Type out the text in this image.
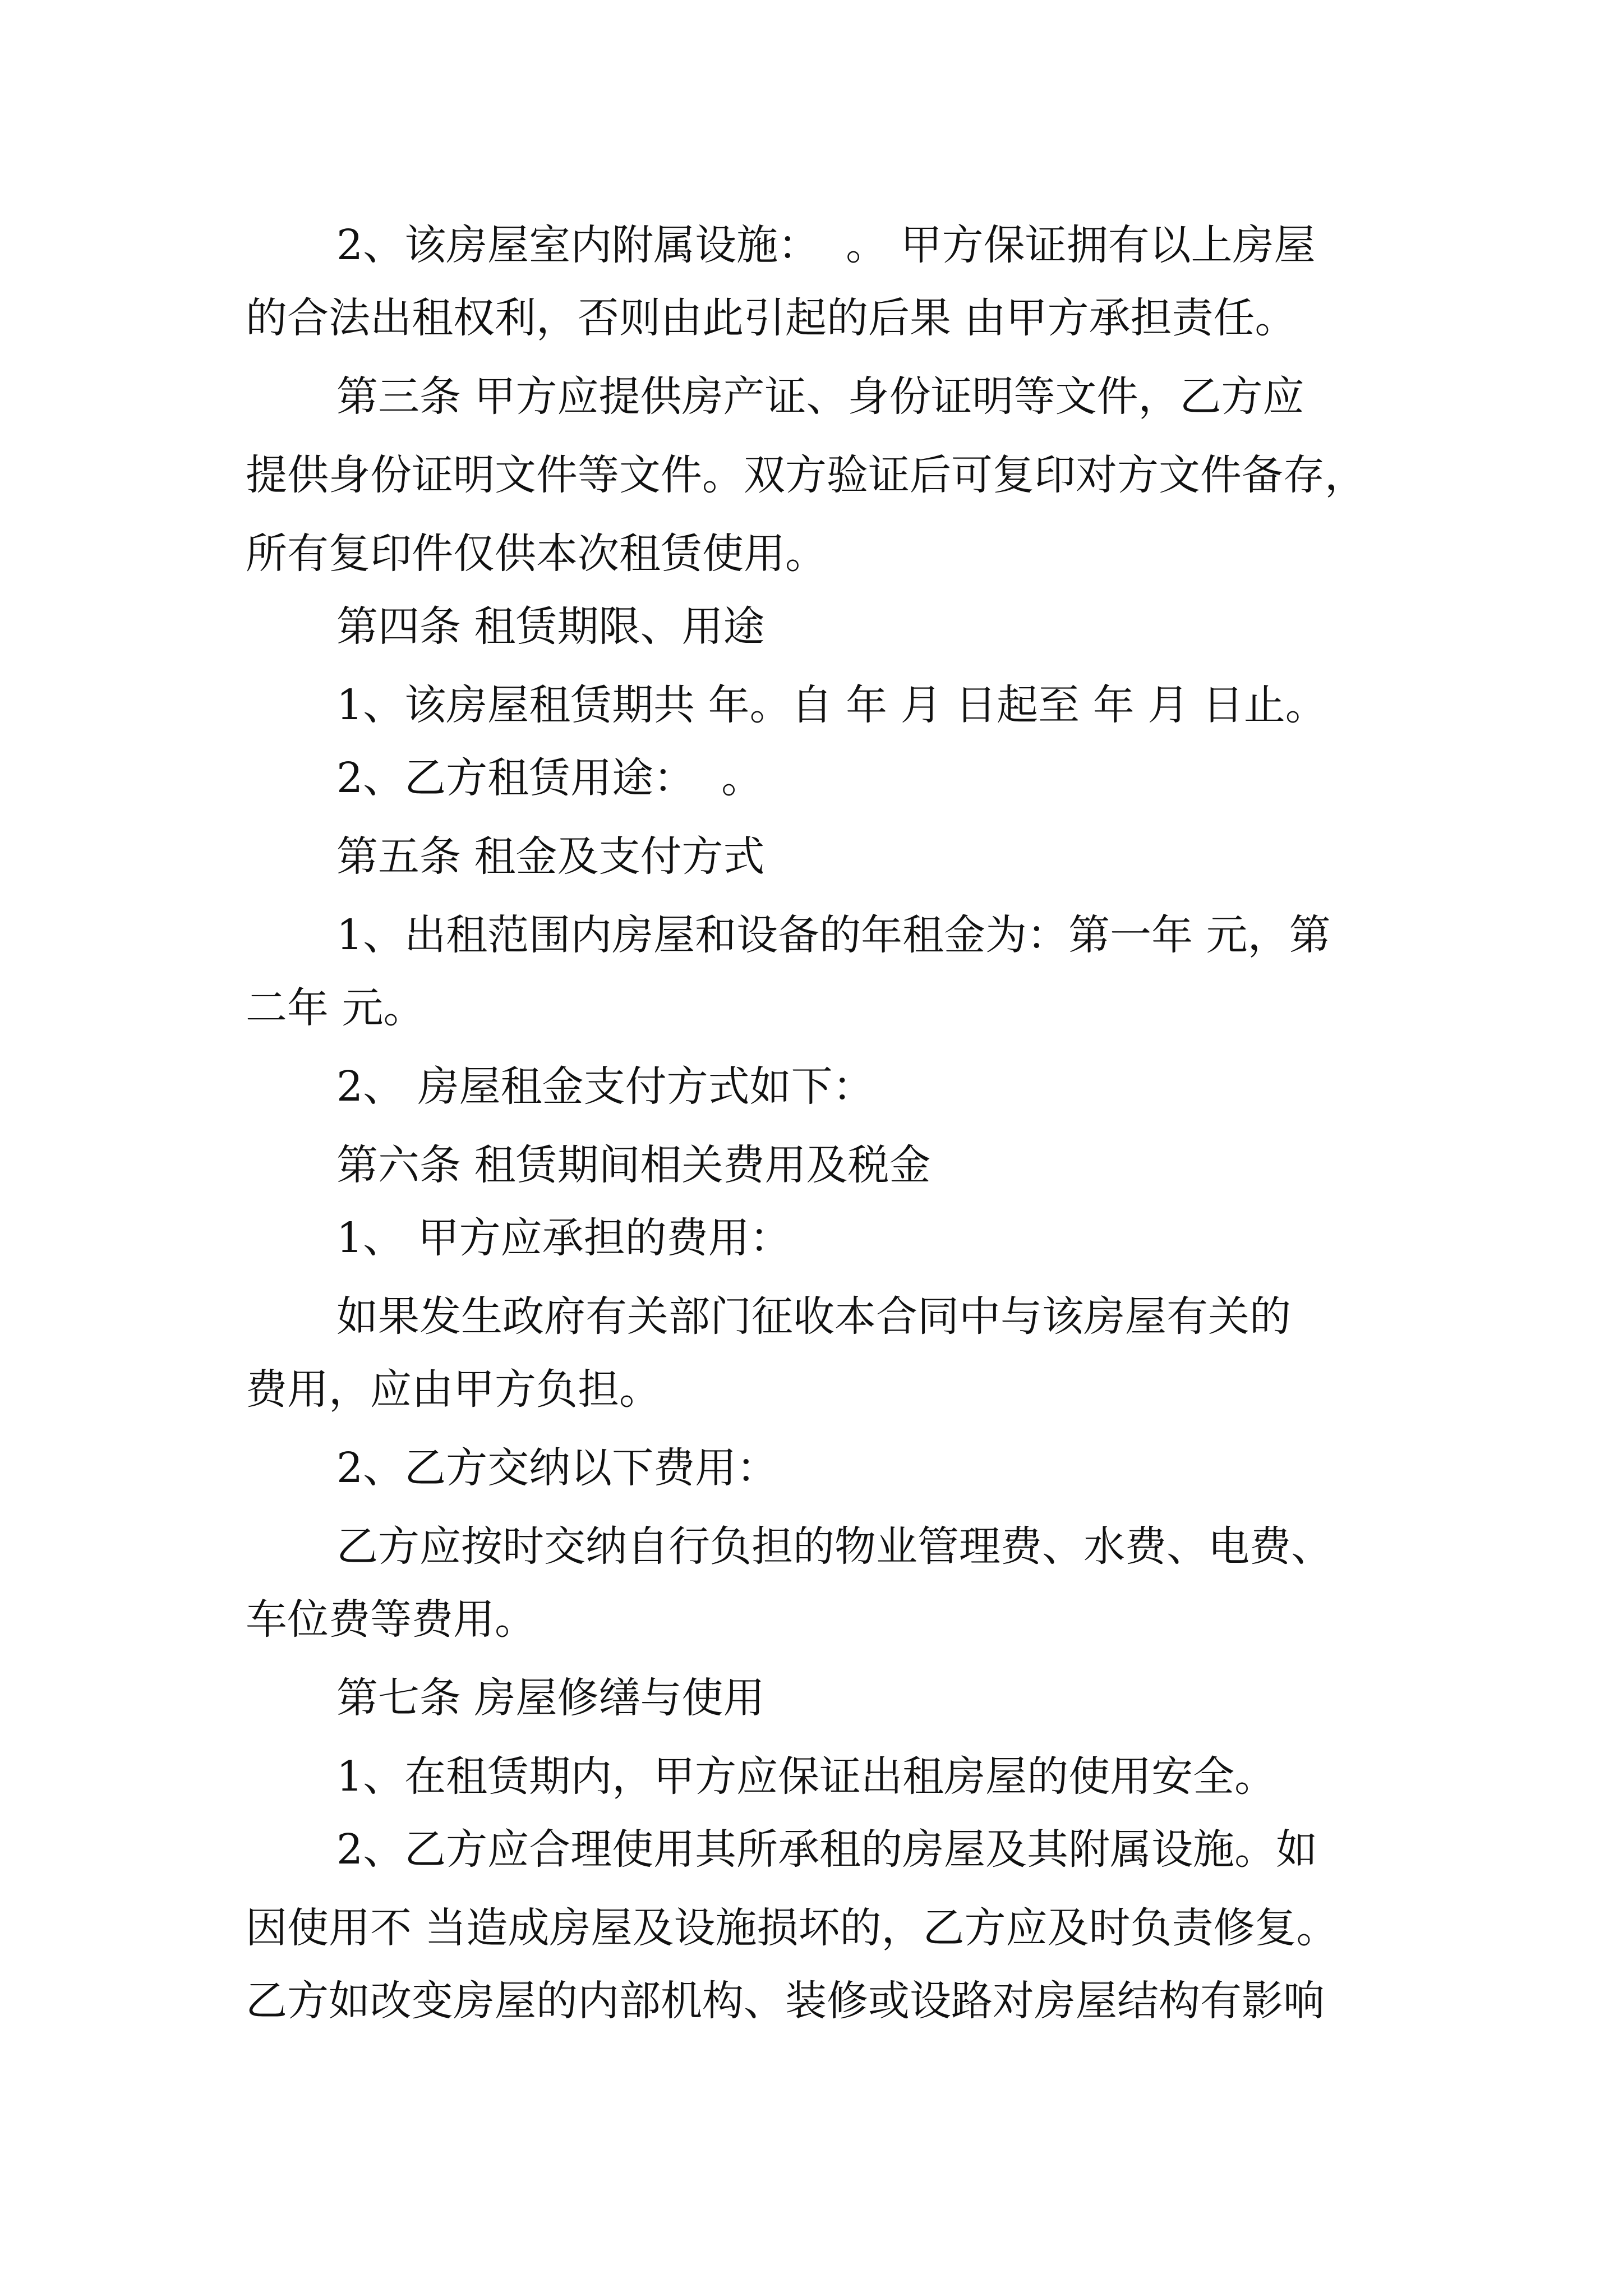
2、该房屋室内附属设施：  。 甲方保证拥有以上房屋
的合法出租权利，否则由此引起的后果 由甲方承担责任。
第三条 甲方应提供房产证、身份证明等文件，乙方应
提供身份证明文件等文件。双方验证后可复印对方文件备存，
所有复印件仅供本次租赁使用。
第四条 租赁期限、用途
1、该房屋租赁期共 年。自 年 月 日起至 年 月 日止。
2、乙方租赁用途：  。
第五条 租金及支付方式
1、出租范围内房屋和设备的年租金为：第一年 元，第
二年 元。
2、 房屋租金支付方式如下：
第六条 租赁期间相关费用及税金
1、 甲方应承担的费用：
如果发生政府有关部门征收本合同中与该房屋有关的
费用，应由甲方负担。
2、乙方交纳以下费用：
乙方应按时交纳自行负担的物业管理费、水费、电费、
车位费等费用。
第七条 房屋修缮与使用
1、在租赁期内，甲方应保证出租房屋的使用安全。
2、乙方应合理使用其所承租的房屋及其附属设施。如
因使用不 当造成房屋及设施损坏的，乙方应及时负责修复。
乙方如改变房屋的内部机构、装修或设路对房屋结构有影响
